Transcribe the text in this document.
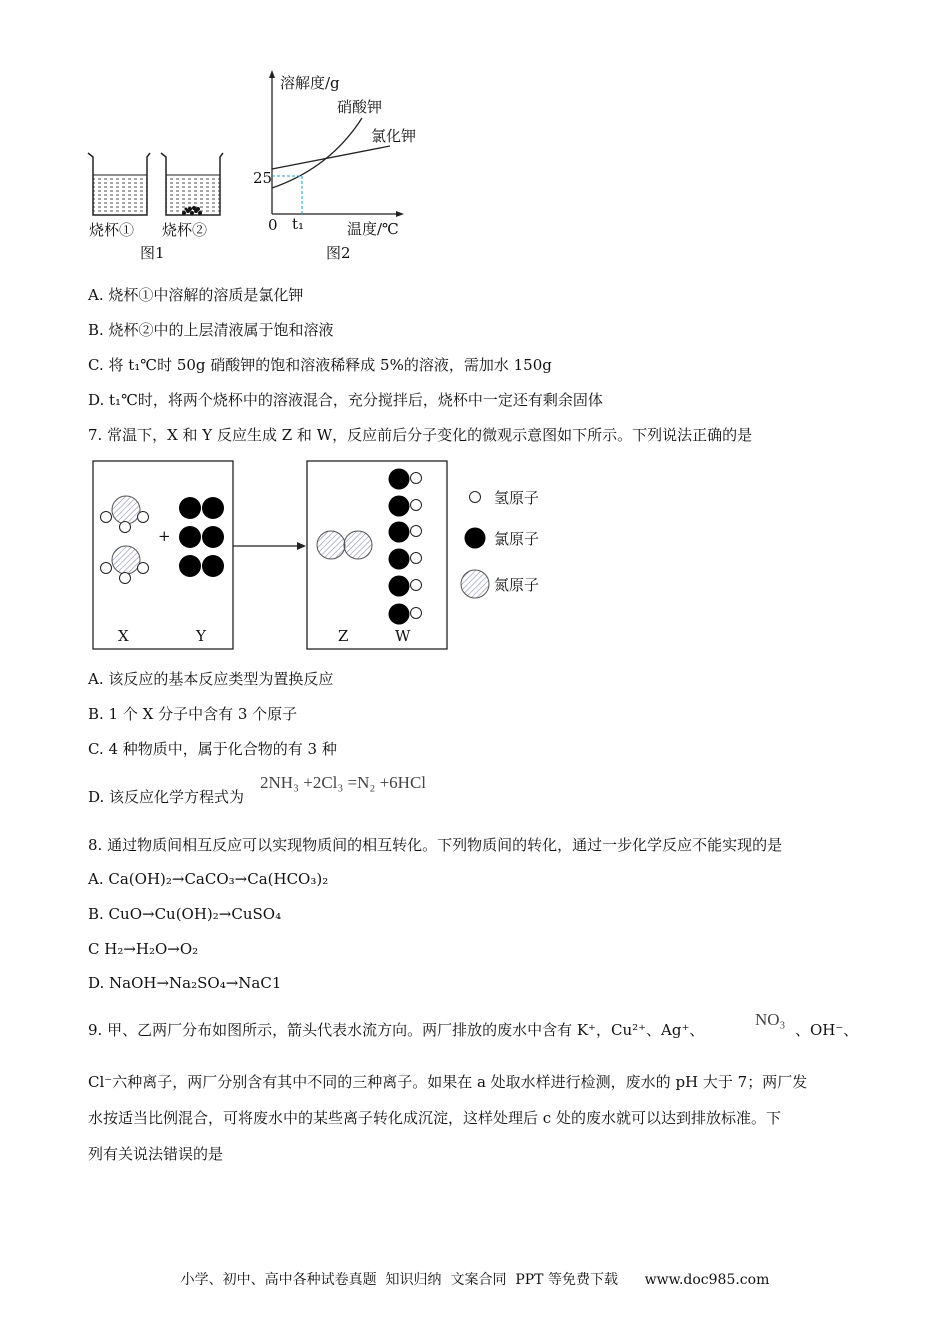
烧杯① 烧杯②
图1
溶解度/g
硝酸钾
氯化钾
25
0 t₁	温度/℃
图2
A. 烧杯①中溶解的溶质是氯化钾
B. 烧杯②中的上层清液属于饱和溶液
C. 将 t₁℃时 50g 硝酸钾的饱和溶液稀释成 5%的溶液，需加水 150g
D. t₁℃时，将两个烧杯中的溶液混合，充分搅拌后，烧杯中一定还有剩余固体
7. 常温下，X 和 Y 反应生成 Z 和 W，反应前后分子变化的微观示意图如下所示。下列说法正确的是
+
X	Y	Z	W
氢原子
氯原子
氮原子
A. 该反应的基本反应类型为置换反应
B. 1 个 X 分子中含有 3 个原子
C. 4 种物质中，属于化合物的有 3 种
D. 该反应化学方程式为
2NH₃ +2Cl₃ =N₂ +6HCl
8. 通过物质间相互反应可以实现物质间的相互转化。下列物质间的转化，通过一步化学反应不能实现的是
A. Ca(OH)₂→CaCO₃→Ca(HCO₃)₂
B. CuO→Cu(OH)₂→CuSO₄
C H₂→H₂O→O₂
D. NaOH→Na₂SO₄→NaC1
9. 甲、乙两厂分布如图所示，箭头代表水流方向。两厂排放的废水中含有 K⁺，Cu²⁺、Ag⁺、
NO₃
、OH⁻、
Cl⁻六种离子，两厂分别含有其中不同的三种离子。如果在 a 处取水样进行检测，废水的 pH 大于 7；两厂发
水按适当比例混合，可将废水中的某些离子转化成沉淀，这样处理后 c 处的废水就可以达到排放标准。下
列有关说法错误的是
小学、初中、高中各种试卷真题  知识归纳  文案合同  PPT 等免费下载      www.doc985.com
